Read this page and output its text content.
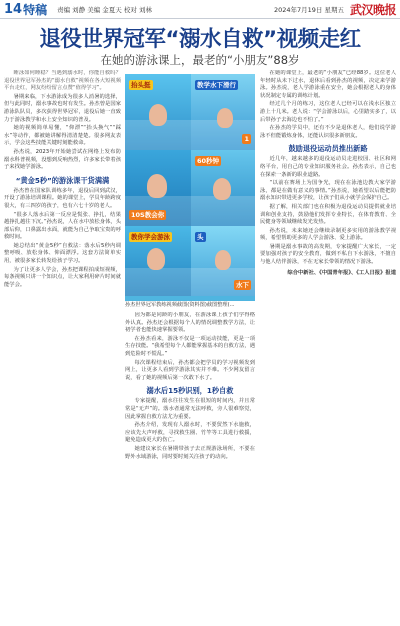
14 特稿 责编 刘静 美编 金夏天 校对 刘林	2024年7月19日 星期五 武汉晚报
退役世界冠军“溺水自救”视频走红
在她的游泳课上，最老的“小朋友”88岁

睡泳如何睡稳？当遇到溺水时，你能自救吗？退役世界冠军孙杰的“溺水自救”视频在各大短视频平台走红，网友纷纷留言点赞“值得学习”。

暑期来临，下水游泳成为很多人消暑的选择，但与此同时，溺水事故也时有发生。孙杰曾是国家游泳队队员，多次获得世界冠军，退役后她一直致力于游泳教学和水上安全知识的普及。

她的视频简单易懂，“仰漂”“抬头换气”“踩水”等动作，都被她讲解得清清楚楚。很多网友表示，学会这些技能关键时刻能救命。

孙杰说，2023年开始她尝试在网络上发布防溺水科普视频，没想到反响热烈，许多家长带着孩子来找她学游泳。

“黄金5秒”的游泳课干货满满

孙杰曾在国家队训练多年，退役后回到武汉，开设了游泳培训课程。她的课堂上，学员年龄跨度很大，有三四岁的孩子，也有六七十岁的老人。

“很多人落水后第一反应是慌张、挣扎，结果越挣扎越往下沉。”孙杰说，人在水中放松身体，头部后仰，口鼻露出水面，就能为自己争取宝贵的呼救时间。

她总结出“黄金5秒”自救法：落水后5秒内调整呼吸、放松身体、仰面漂浮。这套方法简单实用，被很多家长转发给孩子学习。

为了让更多人学会，孙杰把课程拍成短视频，每条视频只讲一个知识点，让大家利用碎片时间就能学会。

抬头挺	教学水下滑行
1
10S教会你
60秒钟
教你学会游泳	头
水下
孙杰世界冠军教练视频截图(资料图)截图整理(...

因为都是同龄的小朋友，在游泳课上孩子们学得格外认真。孙杰还会根据每个人的情况调整教学方法，让初学者也能快速掌握要领。

在孙杰看来，游泳不仅是一项运动技能，更是一项生存技能。“我希望每个人都能掌握基本的自救方法，遇到危险时不慌乱。”

每次课程结束后，孙杰都会把学员的学习视频发到网上，让更多人看到学游泳其实并不难。不少网友留言说，看了她的视频后第一次敢下水了。

溺水后15秒识别，1秒自救

专家提醒，溺水往往发生在很短的时间内，并且常常是“无声”的。落水者通常无法呼救，旁人很难察觉，因此掌握自救方法尤为重要。

孙杰介绍，发现有人溺水时，不要贸然下水施救，应该先大声呼救，寻找救生圈、竹竿等工具进行救援，避免造成更大的伤亡。

她建议家长在暑期带孩子去正规游泳场所，不要在野外水域游泳，同时要时刻关注孩子的动向。

在她的课堂上，最老的“小朋友”已经88岁。这位老人年轻时从未下过水，退休后看到孙杰的视频，决定来学游泳。孙杰说，老人学游泳重在安全，她会根据老人的身体状况制定专属的训练计划。

经过几个月的练习，这位老人已经可以在浅水区独立游上十几米。老人说：“学会游泳以后，心里踏实多了，以后带孙子去海边也不怕了。”

在孙杰的学员中，还有不少是退休老人，他们说学游泳不但能锻炼身体，还能认识很多新朋友。

鼓励退役运动员推出新路

近几年，越来越多的退役运动员走进校园、社区和网络平台，用自己的专业知识服务社会。孙杰表示，自己也在探索一条新的职业道路。

“以前在赛场上为国争光，现在在泳池边教大家学游泳，都是在做有意义的事情。”孙杰说，她希望以后能把防溺水知识带进更多学校，让孩子们从小就学会保护自己。

据了解，相关部门也在积极为退役运动员提供就业培训和创业支持，鼓励他们发挥专业特长，在体育教育、全民健身等领域继续发光发热。

孙杰说，未来她还会继续录制更多实用的游泳教学视频，希望帮助更多的人学会游泳、爱上游泳。

暑期是溺水事故的高发期，专家提醒广大家长，一定要加强对孩子的安全教育，做到不私自下水游泳，不擅自与他人结伴游泳，不在无家长带领的情况下游泳。

综合中新社、《中国青年报》、《工人日报》报道
